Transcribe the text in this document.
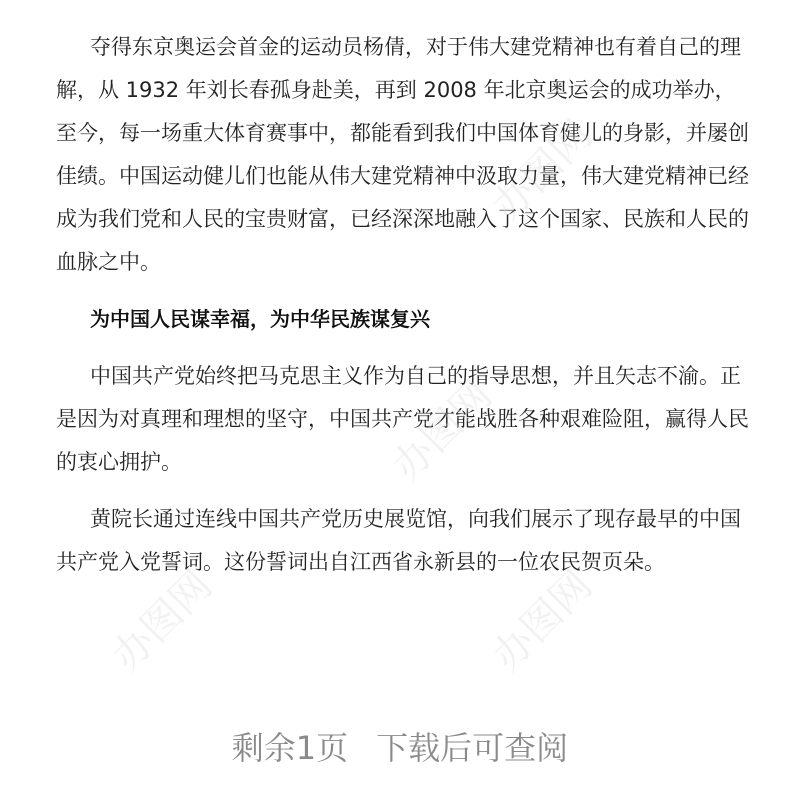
夺得东京奥运会首金的运动员杨倩，对于伟大建党精神也有着自己的理解，从 1932 年刘长春孤身赴美，再到 2008 年北京奥运会的成功举办，至今，每一场重大体育赛事中，都能看到我们中国体育健儿的身影，并屡创佳绩。中国运动健儿们也能从伟大建党精神中汲取力量，伟大建党精神已经成为我们党和人民的宝贵财富，已经深深地融入了这个国家、民族和人民的血脉之中。

为中国人民谋幸福，为中华民族谋复兴

中国共产党始终把马克思主义作为自己的指导思想，并且矢志不渝。正是因为对真理和理想的坚守，中国共产党才能战胜各种艰难险阻，赢得人民的衷心拥护。

黄院长通过连线中国共产党历史展览馆，向我们展示了现存最早的中国共产党入党誓词。这份誓词出自江西省永新县的一位农民贺页朵。

办图网
办图网
办图网
办图网
剩余1页 下载后可查阅
